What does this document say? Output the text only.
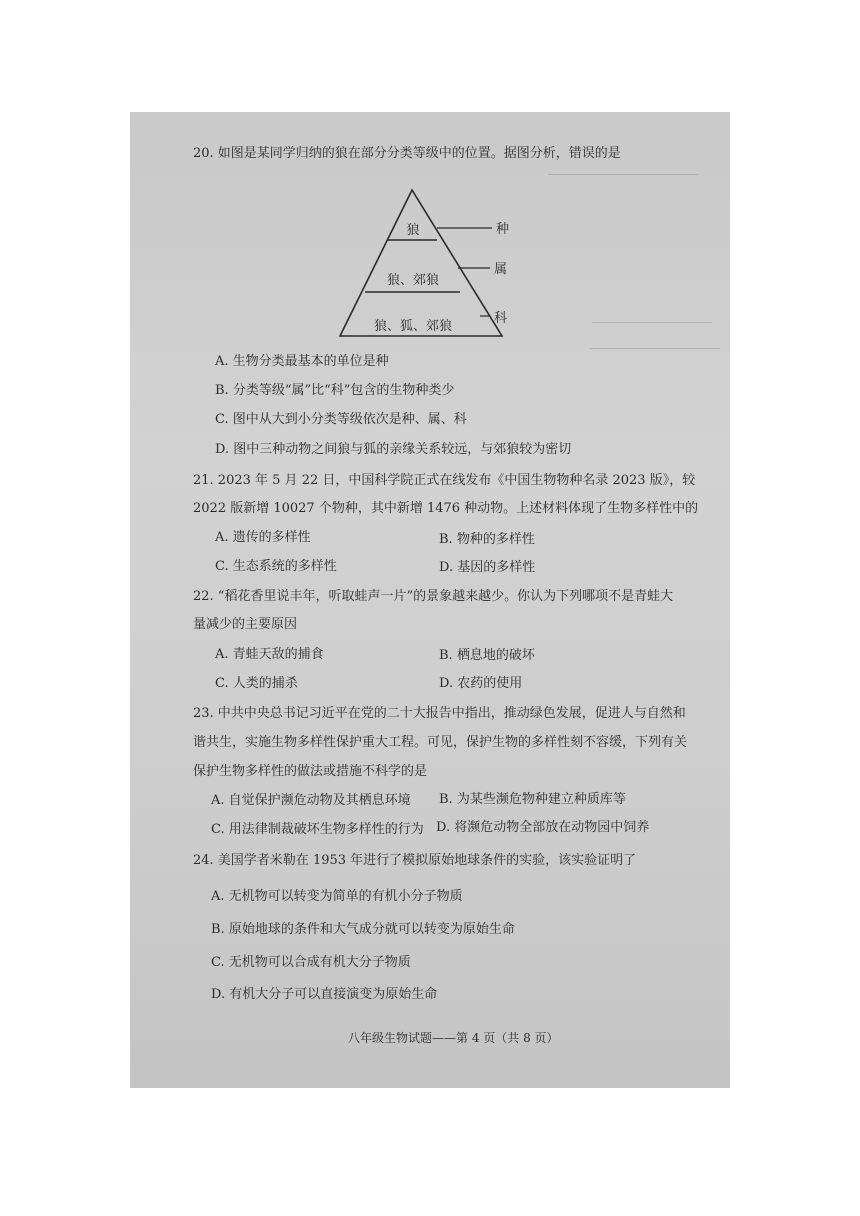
20. 如图是某同学归纳的狼在部分分类等级中的位置。据图分析，错误的是
狼
狼、郊狼
狼、狐、郊狼
种
属
科
A. 生物分类最基本的单位是种
B. 分类等级“属”比“科”包含的生物种类少
C. 图中从大到小分类等级依次是种、属、科
D. 图中三种动物之间狼与狐的亲缘关系较远，与郊狼较为密切
21. 2023 年 5 月 22 日，中国科学院正式在线发布《中国生物物种名录 2023 版》，较
2022 版新增 10027 个物种，其中新增 1476 种动物。上述材料体现了生物多样性中的
A. 遗传的多样性	B. 物种的多样性
C. 生态系统的多样性	D. 基因的多样性
22. “稻花香里说丰年，听取蛙声一片”的景象越来越少。你认为下列哪项不是青蛙大
量减少的主要原因
A. 青蛙天敌的捕食	B. 栖息地的破坏
C. 人类的捕杀	D. 农药的使用
23. 中共中央总书记习近平在党的二十大报告中指出，推动绿色发展，促进人与自然和
谐共生，实施生物多样性保护重大工程。可见，保护生物的多样性刻不容缓，下列有关
保护生物多样性的做法或措施不科学的是
A. 自觉保护濒危动物及其栖息环境 B. 为某些濒危物种建立种质库等
C. 用法律制裁破坏生物多样性的行为 D. 将濒危动物全部放在动物园中饲养
24. 美国学者米勒在 1953 年进行了模拟原始地球条件的实验，该实验证明了
A. 无机物可以转变为简单的有机小分子物质
B. 原始地球的条件和大气成分就可以转变为原始生命
C. 无机物可以合成有机大分子物质
D. 有机大分子可以直接演变为原始生命
八年级生物试题——第 4 页（共 8 页）
